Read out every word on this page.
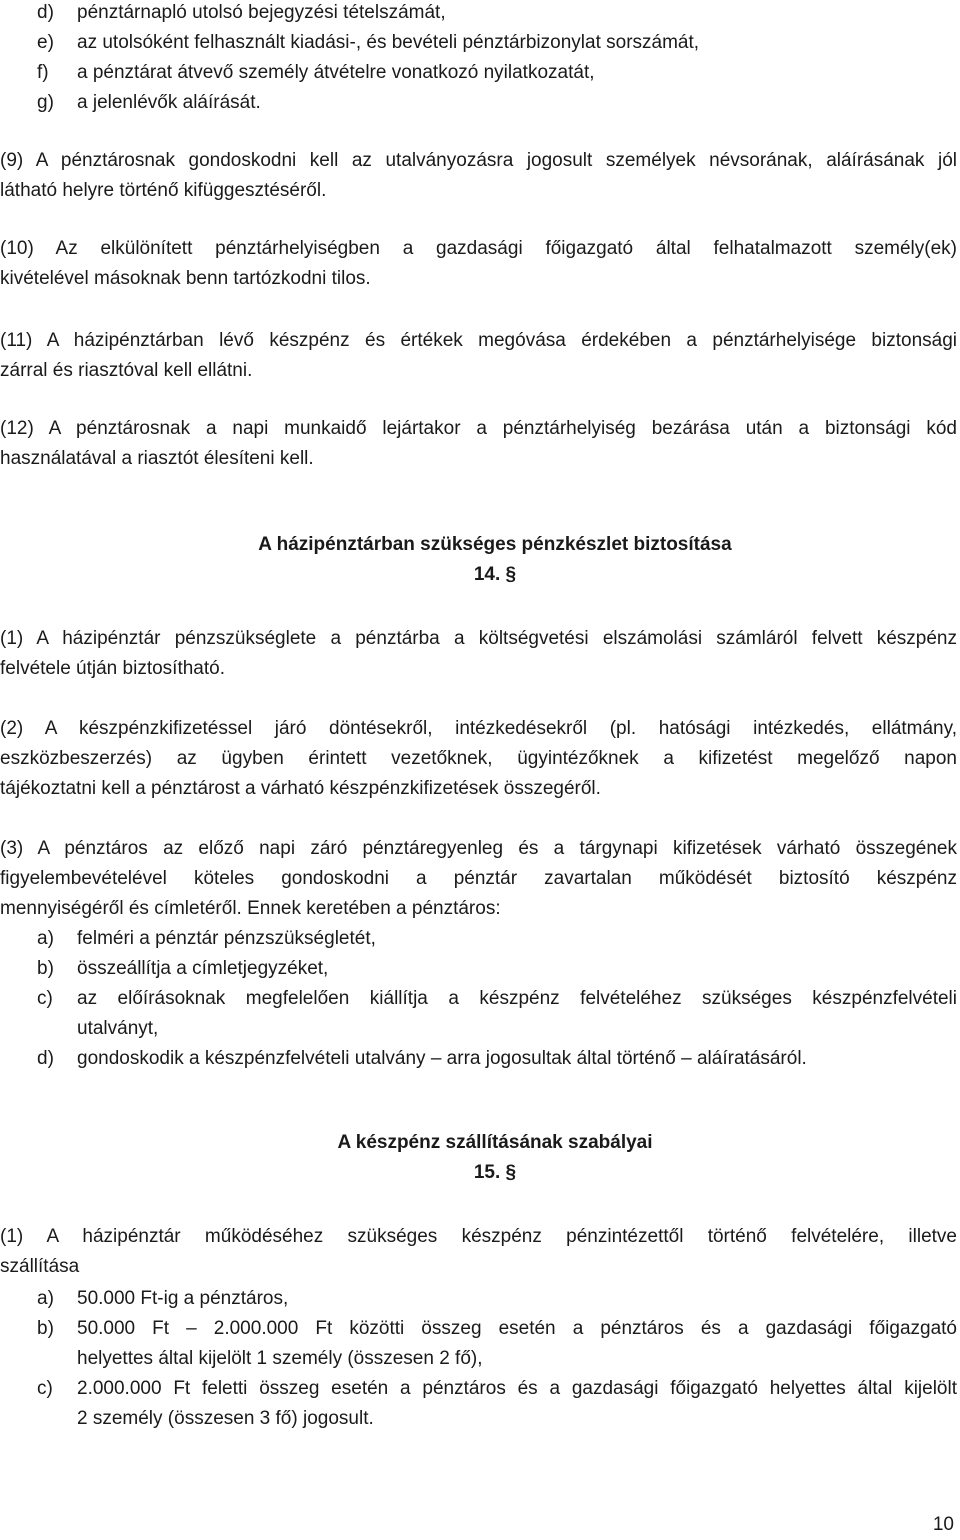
d) pénztárnapló utolsó bejegyzési tételszámát,
e) az utolsóként felhasznált kiadási-, és bevételi pénztárbizonylat sorszámát,
f) a pénztárat átvevő személy átvételre vonatkozó nyilatkozatát,
g) a jelenlévők aláírását.
(9) A pénztárosnak gondoskodni kell az utalványozásra jogosult személyek névsorának, aláírásának jól
látható helyre történő kifüggesztéséről.
(10) Az elkülönített pénztárhelyiségben a gazdasági főigazgató által felhatalmazott személy(ek)
kivételével másoknak benn tartózkodni tilos.
(11) A házipénztárban lévő készpénz és értékek megóvása érdekében a pénztárhelyisége biztonsági
zárral és riasztóval kell ellátni.
(12) A pénztárosnak a napi munkaidő lejártakor a pénztárhelyiség bezárása után a biztonsági kód
használatával a riasztót élesíteni kell.
A házipénztárban szükséges pénzkészlet biztosítása
14. §
(1) A házipénztár pénzszükséglete a pénztárba a költségvetési elszámolási számláról felvett készpénz
felvétele útján biztosítható.
(2) A készpénzkifizetéssel járó döntésekről, intézkedésekről (pl. hatósági intézkedés, ellátmány,
eszközbeszerzés) az ügyben érintett vezetőknek, ügyintézőknek a kifizetést megelőző napon
tájékoztatni kell a pénztárost a várható készpénzkifizetések összegéről.
(3) A pénztáros az előző napi záró pénztáregyenleg és a tárgynapi kifizetések várható összegének
figyelembevételével köteles gondoskodni a pénztár zavartalan működését biztosító készpénz
mennyiségéről és címletéről. Ennek keretében a pénztáros:
a) felméri a pénztár pénzszükségletét,
b) összeállítja a címletjegyzéket,
c) az előírásoknak megfelelően kiállítja a készpénz felvételéhez szükséges készpénzfelvételi
utalványt,
d) gondoskodik a készpénzfelvételi utalvány – arra jogosultak által történő – aláíratásáról.
A készpénz szállításának szabályai
15. §
(1) A házipénztár működéséhez szükséges készpénz pénzintézettől történő felvételére, illetve
szállítása
a) 50.000 Ft-ig a pénztáros,
b) 50.000 Ft – 2.000.000 Ft közötti összeg esetén a pénztáros és a gazdasági főigazgató
helyettes által kijelölt 1 személy (összesen 2 fő),
c) 2.000.000 Ft feletti összeg esetén a pénztáros és a gazdasági főigazgató helyettes által kijelölt
2 személy (összesen 3 fő) jogosult.
10
